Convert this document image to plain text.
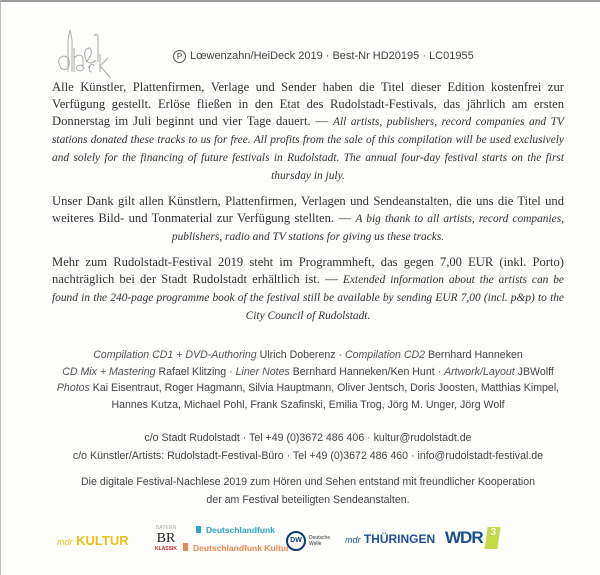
P Lœwenzahn/HeiDeck 2019 · Best-Nr HD20195 · LC01955
Alle Künstler, Plattenfirmen, Verlage und Sender haben die Titel dieser Edition kostenfrei zur Verfügung gestellt. Erlöse fließen in den Etat des Rudolstadt-Festivals, das jährlich am ersten Donnerstag im Juli beginnt und vier Tage dauert. — All artists, publishers, record companies and TV stations donated these tracks to us for free. All profits from the sale of this compilation will be used exclusively and solely for the financing of future festivals in Rudolstadt. The annual four-day festival starts on the first thursday in july.
Unser Dank gilt allen Künstlern, Plattenfirmen, Verlagen und Sendeanstalten, die uns die Titel und weiteres Bild- und Tonmaterial zur Verfügung stellten. — A big thank to all artists, record companies, publishers, radio and TV stations for giving us these tracks.
Mehr zum Rudolstadt-Festival 2019 steht im Programmheft, das gegen 7,00 EUR (inkl. Porto) nachträglich bei der Stadt Rudolstadt erhältlich ist. — Extended information about the artists can be found in the 240-page programme book of the festival still be available by sending EUR 7,00 (incl. p&p) to the City Council of Rudolstadt.
Compilation CD1 + DVD-Authoring Ulrich Doberenz · Compilation CD2 Bernhard Hanneken
CD Mix + Mastering Rafael Klitzing · Liner Notes Bernhard Hanneken/Ken Hunt · Artwork/Layout JBWolff
Photos Kai Eisentraut, Roger Hagmann, Silvia Hauptmann, Oliver Jentsch, Doris Joosten, Matthias Kimpel,
Hannes Kutza, Michael Pohl, Frank Szafinski, Emilia Trog, Jörg M. Unger, Jörg Wolf
c/o Stadt Rudolstadt · Tel +49 (0)3672 486 406 · kultur@rudolstadt.de
c/o Künstler/Artists: Rudolstadt-Festival-Büro · Tel +49 (0)3672 486 460 · info@rudolstadt-festival.de
Die digitale Festival-Nachlese 2019 zum Hören und Sehen entstand mit freundlicher Kooperation
der am Festival beteiligten Sendeanstalten.
mdr KULTUR
BAYERN
BR
KLASSIK
Deutschlandfunk
Deutschlandfunk Kultur
DW	Deutsche
Welle	mdr THÜRINGEN WDR 3
